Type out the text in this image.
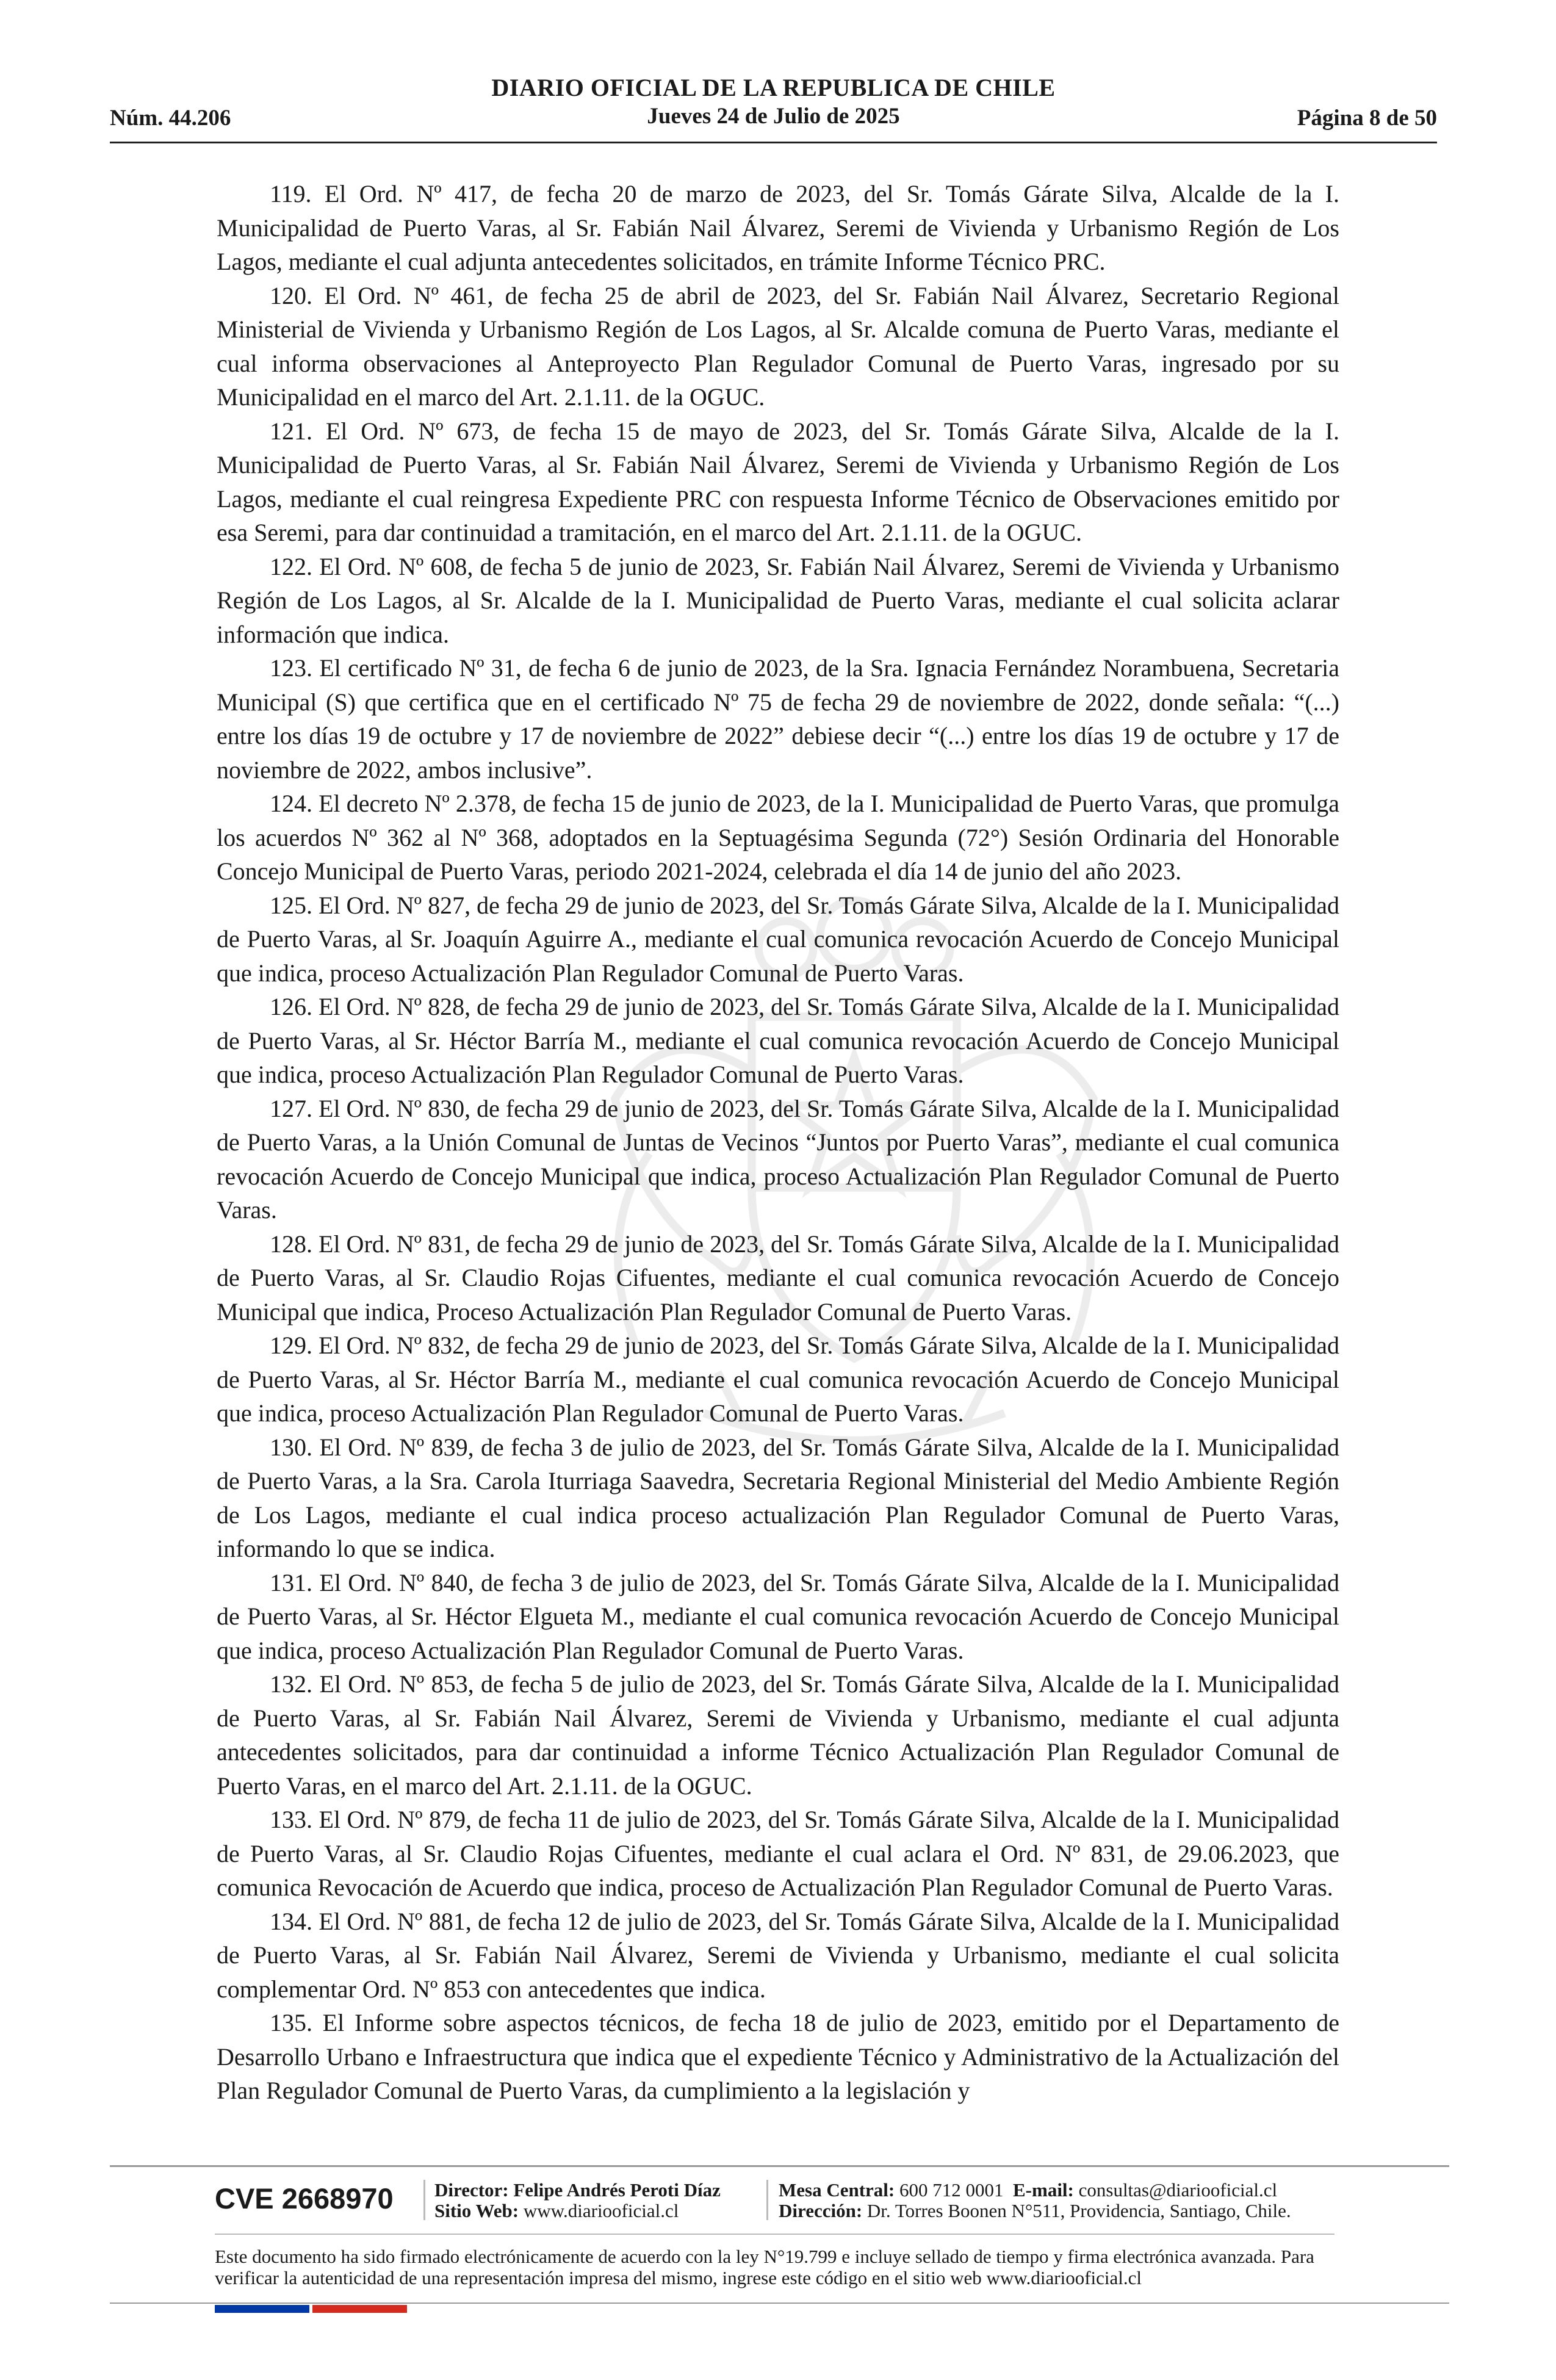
Núm. 44.206
DIARIO OFICIAL DE LA REPUBLICA DE CHILE
Jueves 24 de Julio de 2025	Página 8 de 50

119. El Ord. Nº 417, de fecha 20 de marzo de 2023, del Sr. Tomás Gárate Silva, Alcalde de la I. Municipalidad de Puerto Varas, al Sr. Fabián Nail Álvarez, Seremi de Vivienda y Urbanismo Región de Los Lagos, mediante el cual adjunta antecedentes solicitados, en trámite Informe Técnico PRC.

120. El Ord. Nº 461, de fecha 25 de abril de 2023, del Sr. Fabián Nail Álvarez, Secretario Regional Ministerial de Vivienda y Urbanismo Región de Los Lagos, al Sr. Alcalde comuna de Puerto Varas, mediante el cual informa observaciones al Anteproyecto Plan Regulador Comunal de Puerto Varas, ingresado por su Municipalidad en el marco del Art. 2.1.11. de la OGUC.

121. El Ord. Nº 673, de fecha 15 de mayo de 2023, del Sr. Tomás Gárate Silva, Alcalde de la I. Municipalidad de Puerto Varas, al Sr. Fabián Nail Álvarez, Seremi de Vivienda y Urbanismo Región de Los Lagos, mediante el cual reingresa Expediente PRC con respuesta Informe Técnico de Observaciones emitido por esa Seremi, para dar continuidad a tramitación, en el marco del Art. 2.1.11. de la OGUC.

122. El Ord. Nº 608, de fecha 5 de junio de 2023, Sr. Fabián Nail Álvarez, Seremi de Vivienda y Urbanismo Región de Los Lagos, al Sr. Alcalde de la I. Municipalidad de Puerto Varas, mediante el cual solicita aclarar información que indica.

123. El certificado Nº 31, de fecha 6 de junio de 2023, de la Sra. Ignacia Fernández Norambuena, Secretaria Municipal (S) que certifica que en el certificado Nº 75 de fecha 29 de noviembre de 2022, donde señala: “(...) entre los días 19 de octubre y 17 de noviembre de 2022” debiese decir “(...) entre los días 19 de octubre y 17 de noviembre de 2022, ambos inclusive”.

124. El decreto Nº 2.378, de fecha 15 de junio de 2023, de la I. Municipalidad de Puerto Varas, que promulga los acuerdos Nº 362 al Nº 368, adoptados en la Septuagésima Segunda (72°) Sesión Ordinaria del Honorable Concejo Municipal de Puerto Varas, periodo 2021-2024, celebrada el día 14 de junio del año 2023.

125. El Ord. Nº 827, de fecha 29 de junio de 2023, del Sr. Tomás Gárate Silva, Alcalde de la I. Municipalidad de Puerto Varas, al Sr. Joaquín Aguirre A., mediante el cual comunica revocación Acuerdo de Concejo Municipal que indica, proceso Actualización Plan Regulador Comunal de Puerto Varas.

126. El Ord. Nº 828, de fecha 29 de junio de 2023, del Sr. Tomás Gárate Silva, Alcalde de la I. Municipalidad de Puerto Varas, al Sr. Héctor Barría M., mediante el cual comunica revocación Acuerdo de Concejo Municipal que indica, proceso Actualización Plan Regulador Comunal de Puerto Varas.

127. El Ord. Nº 830, de fecha 29 de junio de 2023, del Sr. Tomás Gárate Silva, Alcalde de la I. Municipalidad de Puerto Varas, a la Unión Comunal de Juntas de Vecinos “Juntos por Puerto Varas”, mediante el cual comunica revocación Acuerdo de Concejo Municipal que indica, proceso Actualización Plan Regulador Comunal de Puerto Varas.

128. El Ord. Nº 831, de fecha 29 de junio de 2023, del Sr. Tomás Gárate Silva, Alcalde de la I. Municipalidad de Puerto Varas, al Sr. Claudio Rojas Cifuentes, mediante el cual comunica revocación Acuerdo de Concejo Municipal que indica, Proceso Actualización Plan Regulador Comunal de Puerto Varas.

129. El Ord. Nº 832, de fecha 29 de junio de 2023, del Sr. Tomás Gárate Silva, Alcalde de la I. Municipalidad de Puerto Varas, al Sr. Héctor Barría M., mediante el cual comunica revocación Acuerdo de Concejo Municipal que indica, proceso Actualización Plan Regulador Comunal de Puerto Varas.

130. El Ord. Nº 839, de fecha 3 de julio de 2023, del Sr. Tomás Gárate Silva, Alcalde de la I. Municipalidad de Puerto Varas, a la Sra. Carola Iturriaga Saavedra, Secretaria Regional Ministerial del Medio Ambiente Región de Los Lagos, mediante el cual indica proceso actualización Plan Regulador Comunal de Puerto Varas, informando lo que se indica.

131. El Ord. Nº 840, de fecha 3 de julio de 2023, del Sr. Tomás Gárate Silva, Alcalde de la I. Municipalidad de Puerto Varas, al Sr. Héctor Elgueta M., mediante el cual comunica revocación Acuerdo de Concejo Municipal que indica, proceso Actualización Plan Regulador Comunal de Puerto Varas.

132. El Ord. Nº 853, de fecha 5 de julio de 2023, del Sr. Tomás Gárate Silva, Alcalde de la I. Municipalidad de Puerto Varas, al Sr. Fabián Nail Álvarez, Seremi de Vivienda y Urbanismo, mediante el cual adjunta antecedentes solicitados, para dar continuidad a informe Técnico Actualización Plan Regulador Comunal de Puerto Varas, en el marco del Art. 2.1.11. de la OGUC.

133. El Ord. Nº 879, de fecha 11 de julio de 2023, del Sr. Tomás Gárate Silva, Alcalde de la I. Municipalidad de Puerto Varas, al Sr. Claudio Rojas Cifuentes, mediante el cual aclara el Ord. Nº 831, de 29.06.2023, que comunica Revocación de Acuerdo que indica, proceso de Actualización Plan Regulador Comunal de Puerto Varas.

134. El Ord. Nº 881, de fecha 12 de julio de 2023, del Sr. Tomás Gárate Silva, Alcalde de la I. Municipalidad de Puerto Varas, al Sr. Fabián Nail Álvarez, Seremi de Vivienda y Urbanismo, mediante el cual solicita complementar Ord. Nº 853 con antecedentes que indica.

135. El Informe sobre aspectos técnicos, de fecha 18 de julio de 2023, emitido por el Departamento de Desarrollo Urbano e Infraestructura que indica que el expediente Técnico y Administrativo de la Actualización del Plan Regulador Comunal de Puerto Varas, da cumplimiento a la legislación y

CVE 2668970	Director: Felipe Andrés Peroti Díaz
Sitio Web: www.diariooficial.cl
Mesa Central: 600 712 0001 E-mail: consultas@diariooficial.cl
Dirección: Dr. Torres Boonen N°511, Providencia, Santiago, Chile.
Este documento ha sido firmado electrónicamente de acuerdo con la ley N°19.799 e incluye sellado de tiempo y firma electrónica avanzada. Para verificar la autenticidad de una representación impresa del mismo, ingrese este código en el sitio web www.diariooficial.cl
